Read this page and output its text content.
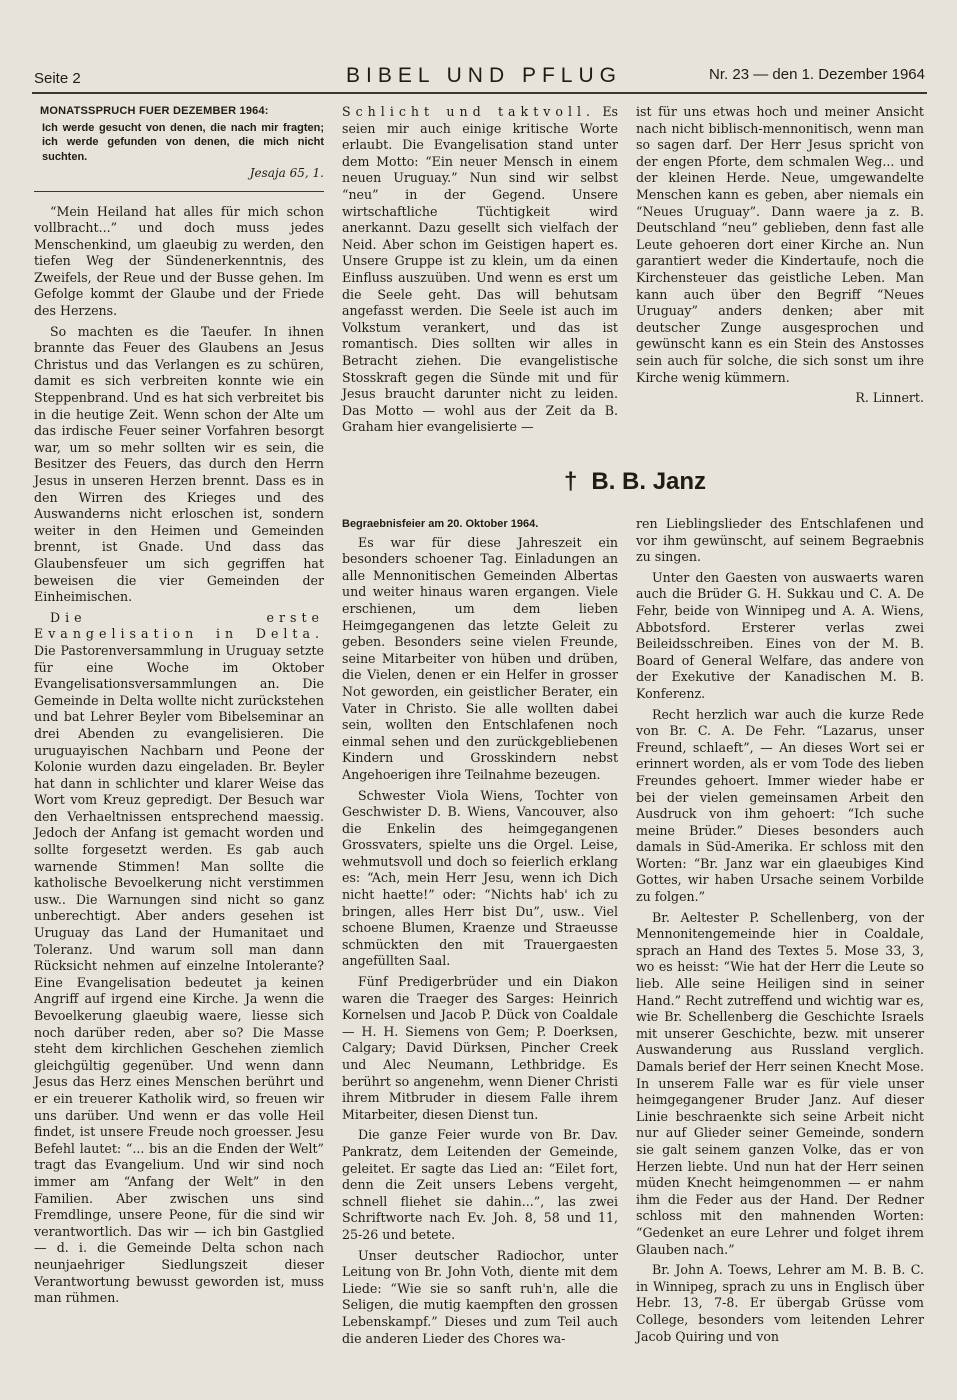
Seite 2	BIBEL UND PFLUG	Nr. 23 — den 1. Dezember 1964
MONATSSPRUCH FUER DEZEMBER 1964:
Ich werde gesucht von denen, die nach mir fragten; ich werde gefunden von denen, die mich nicht suchten.
Jesaja 65, 1.

“Mein Heiland hat alles für mich schon vollbracht...” und doch muss jedes Menschenkind, um glaeubig zu werden, den tiefen Weg der Sündenerkenntnis, des Zweifels, der Reue und der Busse gehen. Im Gefolge kommt der Glaube und der Friede des Herzens.

So machten es die Taeufer. In ihnen brannte das Feuer des Glaubens an Jesus Christus und das Verlangen es zu schüren, damit es sich verbreiten konnte wie ein Steppenbrand. Und es hat sich verbreitet bis in die heutige Zeit. Wenn schon der Alte um das irdische Feuer seiner Vorfahren besorgt war, um so mehr sollten wir es sein, die Besitzer des Feuers, das durch den Herrn Jesus in unseren Herzen brennt. Dass es in den Wirren des Krieges und des Auswanderns nicht erloschen ist, sondern weiter in den Heimen und Gemeinden brennt, ist Gnade. Und dass das Glaubensfeuer um sich gegriffen hat beweisen die vier Gemeinden der Einheimischen.

Die erste Evangelisation in Delta. Die Pastorenversammlung in Uruguay setzte für eine Woche im Oktober Evangelisationsversammlungen an. Die Gemeinde in Delta wollte nicht zurückstehen und bat Lehrer Beyler vom Bibelseminar an drei Abenden zu evangelisieren. Die uruguayischen Nachbarn und Peone der Kolonie wurden dazu eingeladen. Br. Beyler hat dann in schlichter und klarer Weise das Wort vom Kreuz gepredigt. Der Besuch war den Verhaeltnissen entsprechend maessig. Jedoch der Anfang ist gemacht worden und sollte forgesetzt werden. Es gab auch warnende Stimmen! Man sollte die katholische Bevoelkerung nicht verstimmen usw.. Die Warnungen sind nicht so ganz unberechtigt. Aber anders gesehen ist Uruguay das Land der Humanitaet und Toleranz. Und warum soll man dann Rücksicht nehmen auf einzelne Intolerante? Eine Evangelisation bedeutet ja keinen Angriff auf irgend eine Kirche. Ja wenn die Bevoelkerung glaeubig waere, liesse sich noch darüber reden, aber so? Die Masse steht dem kirchlichen Geschehen ziemlich gleichgültig gegenüber. Und wenn dann Jesus das Herz eines Menschen berührt und er ein treuerer Katholik wird, so freuen wir uns darüber. Und wenn er das volle Heil findet, ist unsere Freude noch groesser. Jesu Befehl lautet: “... bis an die Enden der Welt” tragt das Evangelium. Und wir sind noch immer am “Anfang der Welt” in den Familien. Aber zwischen uns sind Fremdlinge, unsere Peone, für die sind wir verantwortlich. Das wir — ich bin Gastglied — d. i. die Gemeinde Delta schon nach neunjaehriger Siedlungszeit dieser Verantwortung bewusst geworden ist, muss man rühmen.

Schlicht und taktvoll. Es seien mir auch einige kritische Worte erlaubt. Die Evangelisation stand unter dem Motto: “Ein neuer Mensch in einem neuen Uruguay.” Nun sind wir selbst “neu” in der Gegend. Unsere wirtschaftliche Tüchtigkeit wird anerkannt. Dazu gesellt sich vielfach der Neid. Aber schon im Geistigen hapert es. Unsere Gruppe ist zu klein, um da einen Einfluss auszuüben. Und wenn es erst um die Seele geht. Das will behutsam angefasst werden. Die Seele ist auch im Volkstum verankert, und das ist romantisch. Dies sollten wir alles in Betracht ziehen. Die evangelistische Stosskraft gegen die Sünde mit und für Jesus braucht darunter nicht zu leiden. Das Motto — wohl aus der Zeit da B. Graham hier evangelisierte —

ist für uns etwas hoch und meiner Ansicht nach nicht biblisch-mennonitisch, wenn man so sagen darf. Der Herr Jesus spricht von der engen Pforte, dem schmalen Weg... und der kleinen Herde. Neue, umgewandelte Menschen kann es geben, aber niemals ein “Neues Uruguay”. Dann waere ja z. B. Deutschland “neu” geblieben, denn fast alle Leute gehoeren dort einer Kirche an. Nun garantiert weder die Kindertaufe, noch die Kirchensteuer das geistliche Leben. Man kann auch über den Begriff “Neues Uruguay” anders denken; aber mit deutscher Zunge ausgesprochen und gewünscht kann es ein Stein des Anstosses sein auch für solche, die sich sonst um ihre Kirche wenig kümmern.

R. Linnert.
† B. B. Janz
Begraebnisfeier am 20. Oktober 1964.

Es war für diese Jahreszeit ein besonders schoener Tag. Einladungen an alle Mennonitischen Gemeinden Albertas und weiter hinaus waren ergangen. Viele erschienen, um dem lieben Heimgegangenen das letzte Geleit zu geben. Besonders seine vielen Freunde, seine Mitarbeiter von hüben und drüben, die Vielen, denen er ein Helfer in grosser Not geworden, ein geistlicher Berater, ein Vater in Christo. Sie alle wollten dabei sein, wollten den Entschlafenen noch einmal sehen und den zurückgebliebenen Kindern und Grosskindern nebst Angehoerigen ihre Teilnahme bezeugen.

Schwester Viola Wiens, Tochter von Geschwister D. B. Wiens, Vancouver, also die Enkelin des heimgegangenen Grossvaters, spielte uns die Orgel. Leise, wehmutsvoll und doch so feierlich erklang es: “Ach, mein Herr Jesu, wenn ich Dich nicht haette!” oder: “Nichts hab' ich zu bringen, alles Herr bist Du”, usw.. Viel schoene Blumen, Kraenze und Straeusse schmückten den mit Trauergaesten angefüllten Saal.

Fünf Predigerbrüder und ein Diakon waren die Traeger des Sarges: Heinrich Kornelsen und Jacob P. Dück von Coaldale — H. H. Siemens von Gem; P. Doerksen, Calgary; David Dürksen, Pincher Creek und Alec Neumann, Lethbridge. Es berührt so angenehm, wenn Diener Christi ihrem Mitbruder in diesem Falle ihrem Mitarbeiter, diesen Dienst tun.

Die ganze Feier wurde von Br. Dav. Pankratz, dem Leitenden der Gemeinde, geleitet. Er sagte das Lied an: “Eilet fort, denn die Zeit unsers Lebens vergeht, schnell fliehet sie dahin...”, las zwei Schriftworte nach Ev. Joh. 8, 58 und 11, 25-26 und betete.

Unser deutscher Radiochor, unter Leitung von Br. John Voth, diente mit dem Liede: “Wie sie so sanft ruh'n, alle die Seligen, die mutig kaempften den grossen Lebenskampf.” Dieses und zum Teil auch die anderen Lieder des Chores wa-

ren Lieblingslieder des Entschlafenen und vor ihm gewünscht, auf seinem Begraebnis zu singen.

Unter den Gaesten von auswaerts waren auch die Brüder G. H. Sukkau und C. A. De Fehr, beide von Winnipeg und A. A. Wiens, Abbotsford. Ersterer verlas zwei Beileidsschreiben. Eines von der M. B. Board of General Welfare, das andere von der Exekutive der Kanadischen M. B. Konferenz.

Recht herzlich war auch die kurze Rede von Br. C. A. De Fehr. “Lazarus, unser Freund, schlaeft”, — An dieses Wort sei er erinnert worden, als er vom Tode des lieben Freundes gehoert. Immer wieder habe er bei der vielen gemeinsamen Arbeit den Ausdruck von ihm gehoert: “Ich suche meine Brüder.” Dieses besonders auch damals in Süd-Amerika. Er schloss mit den Worten: “Br. Janz war ein glaeubiges Kind Gottes, wir haben Ursache seinem Vorbilde zu folgen.”

Br. Aeltester P. Schellenberg, von der Mennonitengemeinde hier in Coaldale, sprach an Hand des Textes 5. Mose 33, 3, wo es heisst: “Wie hat der Herr die Leute so lieb. Alle seine Heiligen sind in seiner Hand.” Recht zutreffend und wichtig war es, wie Br. Schellenberg die Geschichte Israels mit unserer Geschichte, bezw. mit unserer Auswanderung aus Russland verglich. Damals berief der Herr seinen Knecht Mose. In unserem Falle war es für viele unser heimgegangener Bruder Janz. Auf dieser Linie beschraenkte sich seine Arbeit nicht nur auf Glieder seiner Gemeinde, sondern sie galt seinem ganzen Volke, das er von Herzen liebte. Und nun hat der Herr seinen müden Knecht heimgenommen — er nahm ihm die Feder aus der Hand. Der Redner schloss mit den mahnenden Worten: “Gedenket an eure Lehrer und folget ihrem Glauben nach.”

Br. John A. Toews, Lehrer am M. B. B. C. in Winnipeg, sprach zu uns in Englisch über Hebr. 13, 7-8. Er übergab Grüsse vom College, besonders vom leitenden Lehrer Jacob Quiring und von
